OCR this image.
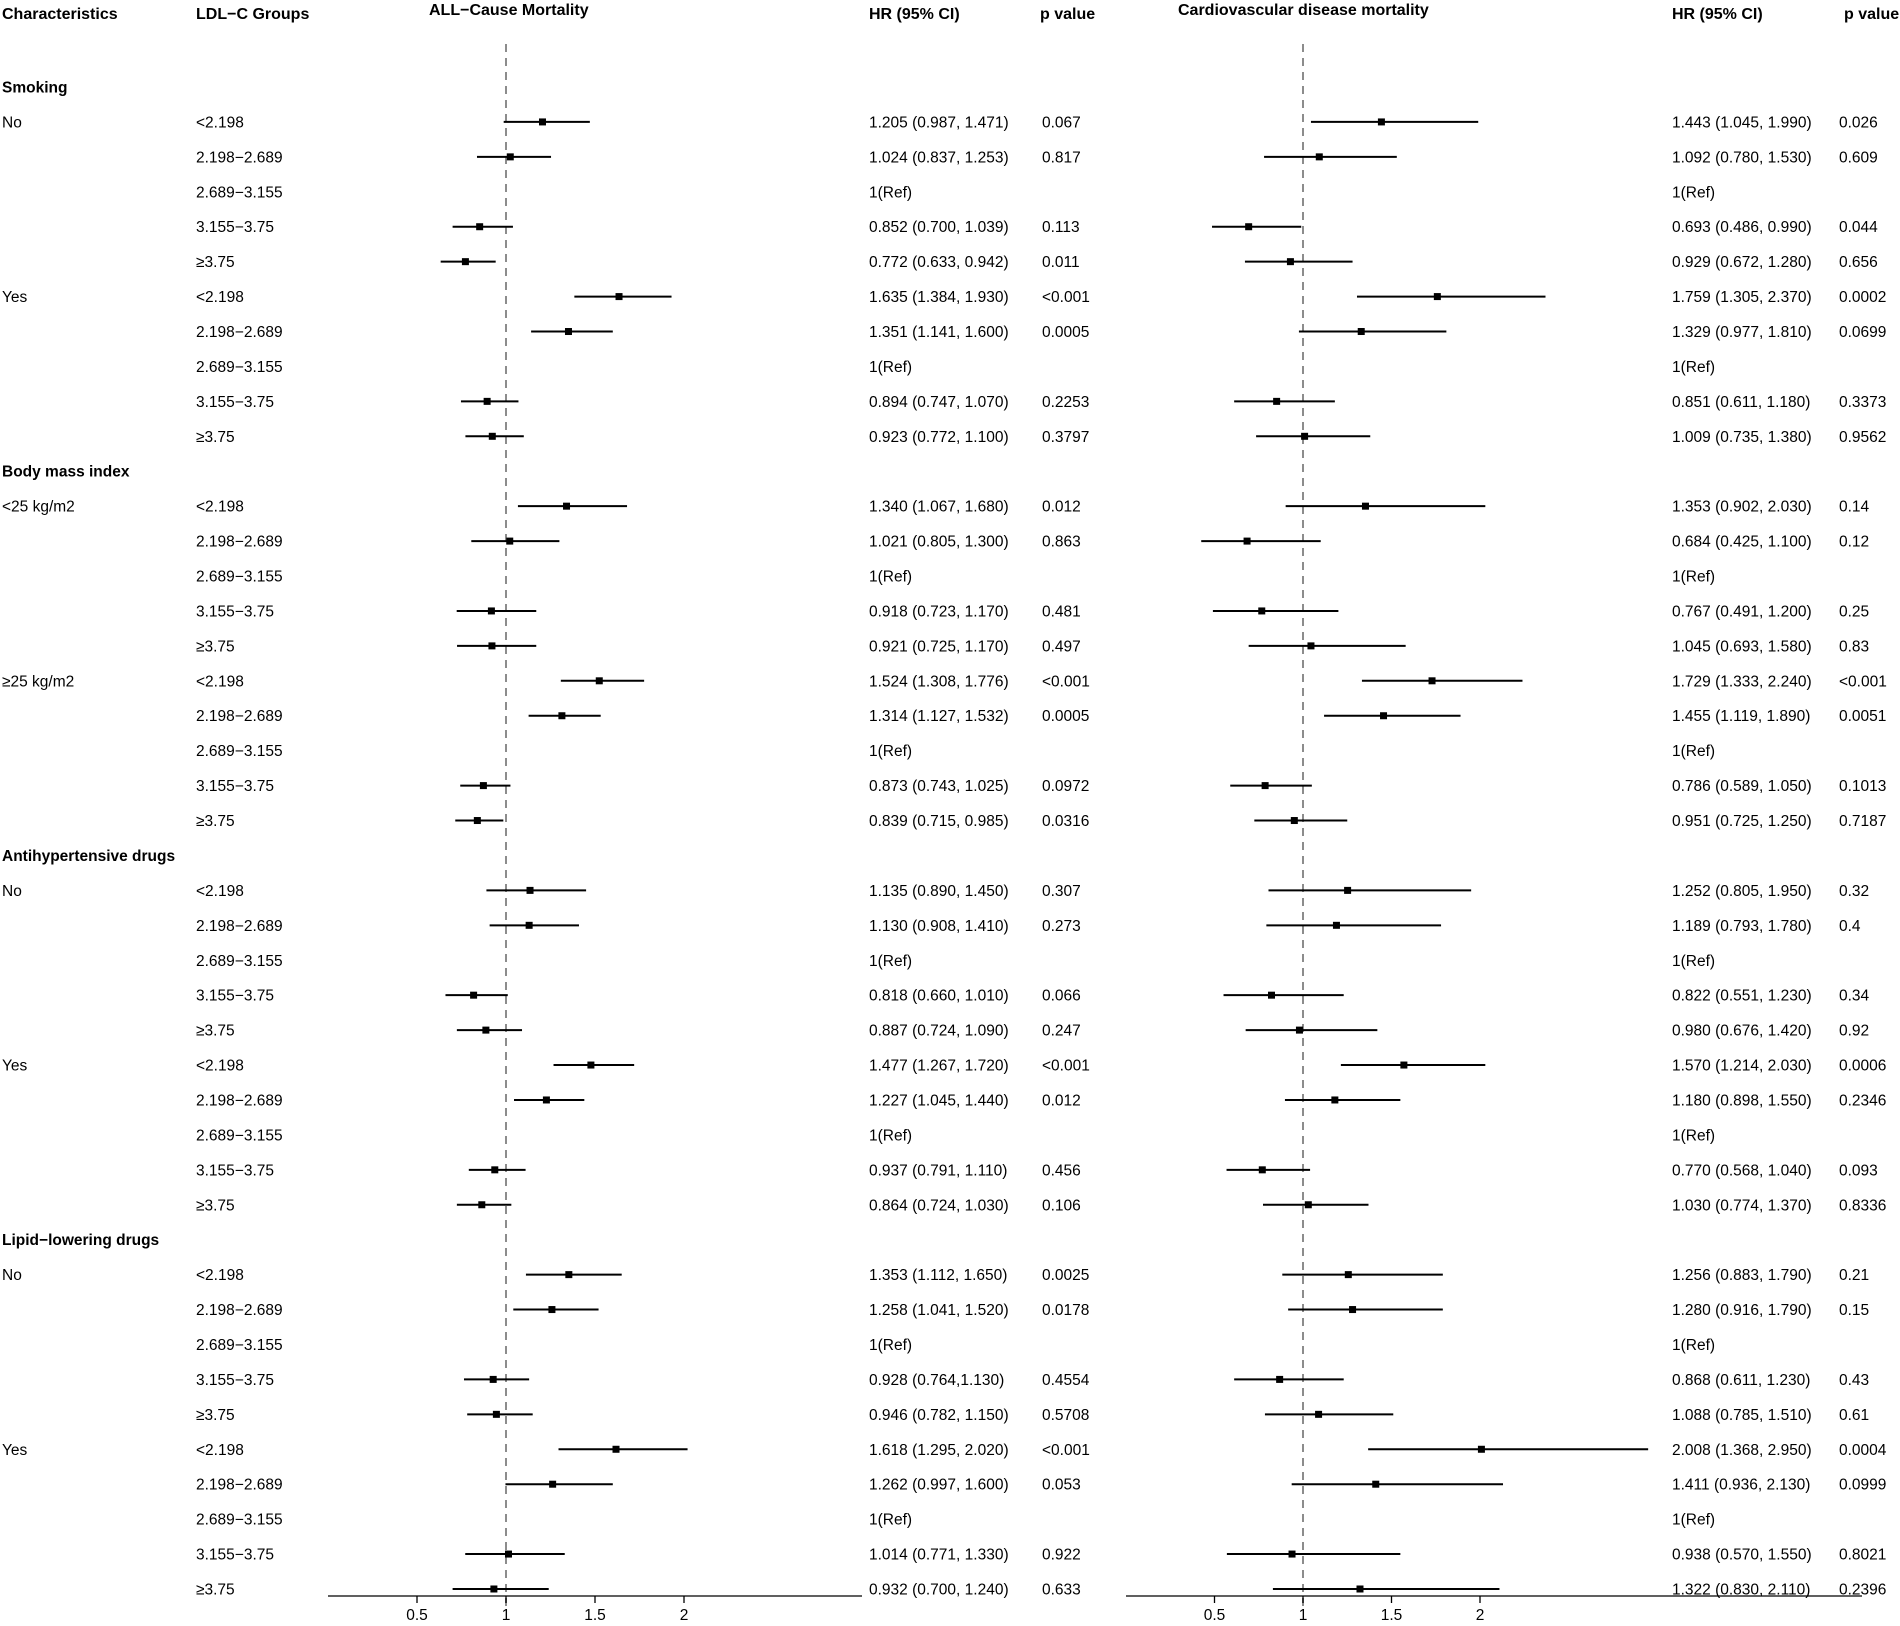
Characteristics	LDL−C Groups	ALL−Cause Mortality	HR (95% CI)	p value	Cardiovascular disease mortality	HR (95% CI)	p value
Smoking
No	<2.198	1.205 (0.987, 1.471) 0.067	1.443 (1.045, 1.990) 0.026
2.198−2.689	1.024 (0.837, 1.253) 0.817	1.092 (0.780, 1.530) 0.609
2.689−3.155	1(Ref)	1(Ref)
3.155−3.75	0.852 (0.700, 1.039) 0.113	0.693 (0.486, 0.990) 0.044
≥3.75	0.772 (0.633, 0.942) 0.011	0.929 (0.672, 1.280) 0.656
Yes	<2.198	1.635 (1.384, 1.930) <0.001	1.759 (1.305, 2.370) 0.0002
2.198−2.689	1.351 (1.141, 1.600) 0.0005	1.329 (0.977, 1.810) 0.0699
2.689−3.155	1(Ref)	1(Ref)
3.155−3.75	0.894 (0.747, 1.070) 0.2253	0.851 (0.611, 1.180) 0.3373
≥3.75	0.923 (0.772, 1.100) 0.3797	1.009 (0.735, 1.380) 0.9562
Body mass index
<25 kg/m2	<2.198	1.340 (1.067, 1.680) 0.012	1.353 (0.902, 2.030) 0.14
2.198−2.689	1.021 (0.805, 1.300) 0.863	0.684 (0.425, 1.100) 0.12
2.689−3.155	1(Ref)	1(Ref)
3.155−3.75	0.918 (0.723, 1.170) 0.481	0.767 (0.491, 1.200) 0.25
≥3.75	0.921 (0.725, 1.170) 0.497	1.045 (0.693, 1.580) 0.83
≥25 kg/m2	<2.198	1.524 (1.308, 1.776) <0.001	1.729 (1.333, 2.240) <0.001
2.198−2.689	1.314 (1.127, 1.532) 0.0005	1.455 (1.119, 1.890) 0.0051
2.689−3.155	1(Ref)	1(Ref)
3.155−3.75	0.873 (0.743, 1.025) 0.0972	0.786 (0.589, 1.050) 0.1013
≥3.75	0.839 (0.715, 0.985) 0.0316	0.951 (0.725, 1.250) 0.7187
Antihypertensive drugs
No	<2.198	1.135 (0.890, 1.450) 0.307	1.252 (0.805, 1.950) 0.32
2.198−2.689	1.130 (0.908, 1.410) 0.273	1.189 (0.793, 1.780) 0.4
2.689−3.155	1(Ref)	1(Ref)
3.155−3.75	0.818 (0.660, 1.010) 0.066	0.822 (0.551, 1.230) 0.34
≥3.75	0.887 (0.724, 1.090) 0.247	0.980 (0.676, 1.420) 0.92
Yes	<2.198	1.477 (1.267, 1.720) <0.001	1.570 (1.214, 2.030) 0.0006
2.198−2.689	1.227 (1.045, 1.440) 0.012	1.180 (0.898, 1.550) 0.2346
2.689−3.155	1(Ref)	1(Ref)
3.155−3.75	0.937 (0.791, 1.110) 0.456	0.770 (0.568, 1.040) 0.093
≥3.75	0.864 (0.724, 1.030) 0.106	1.030 (0.774, 1.370) 0.8336
Lipid−lowering drugs
No	<2.198	1.353 (1.112, 1.650) 0.0025	1.256 (0.883, 1.790) 0.21
2.198−2.689	1.258 (1.041, 1.520) 0.0178	1.280 (0.916, 1.790) 0.15
2.689−3.155	1(Ref)	1(Ref)
3.155−3.75	0.928 (0.764,1.130) 0.4554	0.868 (0.611, 1.230) 0.43
≥3.75	0.946 (0.782, 1.150) 0.5708	1.088 (0.785, 1.510) 0.61
Yes	<2.198	1.618 (1.295, 2.020) <0.001	2.008 (1.368, 2.950) 0.0004
2.198−2.689	1.262 (0.997, 1.600) 0.053	1.411 (0.936, 2.130) 0.0999
2.689−3.155	1(Ref)	1(Ref)
3.155−3.75	1.014 (0.771, 1.330) 0.922	0.938 (0.570, 1.550) 0.8021
≥3.75	0.932 (0.700, 1.240) 0.633	1.322 (0.830, 2.110) 0.2396
0.5	1	1.5	2	0.5	1	1.5	2
